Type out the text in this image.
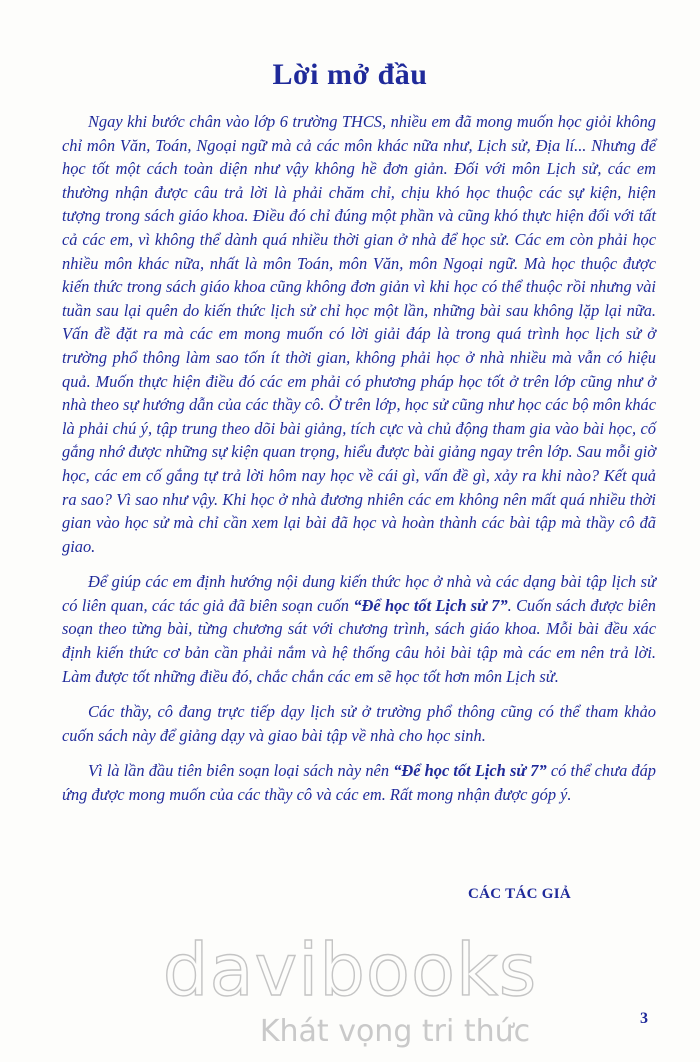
Lời mở đầu

Ngay khi bước chân vào lớp 6 trường THCS, nhiều em đã mong muốn học giỏi không chỉ môn Văn, Toán, Ngoại ngữ mà cả các môn khác nữa như, Lịch sử, Địa lí... Nhưng để học tốt một cách toàn diện như vậy không hề đơn giản. Đối với môn Lịch sử, các em thường nhận được câu trả lời là phải chăm chỉ, chịu khó học thuộc các sự kiện, hiện tượng trong sách giáo khoa. Điều đó chỉ đúng một phần và cũng khó thực hiện đối với tất cả các em, vì không thể dành quá nhiều thời gian ở nhà để học sử. Các em còn phải học nhiều môn khác nữa, nhất là môn Toán, môn Văn, môn Ngoại ngữ. Mà học thuộc được kiến thức trong sách giáo khoa cũng không đơn giản vì khi học có thể thuộc rồi nhưng vài tuần sau lại quên do kiến thức lịch sử chỉ học một lần, những bài sau không lặp lại nữa. Vấn đề đặt ra mà các em mong muốn có lời giải đáp là trong quá trình học lịch sử ở trường phổ thông làm sao tốn ít thời gian, không phải học ở nhà nhiều mà vẫn có hiệu quả. Muốn thực hiện điều đó các em phải có phương pháp học tốt ở trên lớp cũng như ở nhà theo sự hướng dẫn của các thầy cô. Ở trên lớp, học sử cũng như học các bộ môn khác là phải chú ý, tập trung theo dõi bài giảng, tích cực và chủ động tham gia vào bài học, cố gắng nhớ được những sự kiện quan trọng, hiểu được bài giảng ngay trên lớp. Sau mỗi giờ học, các em cố gắng tự trả lời hôm nay học về cái gì, vấn đề gì, xảy ra khi nào? Kết quả ra sao? Vì sao như vậy. Khi học ở nhà đương nhiên các em không nên mất quá nhiều thời gian vào học sử mà chỉ cần xem lại bài đã học và hoàn thành các bài tập mà thầy cô đã giao.

Để giúp các em định hướng nội dung kiến thức học ở nhà và các dạng bài tập lịch sử có liên quan, các tác giả đã biên soạn cuốn “Để học tốt Lịch sử 7”. Cuốn sách được biên soạn theo từng bài, từng chương sát với chương trình, sách giáo khoa. Mỗi bài đều xác định kiến thức cơ bản cần phải nắm và hệ thống câu hỏi bài tập mà các em nên trả lời. Làm được tốt những điều đó, chắc chắn các em sẽ học tốt hơn môn Lịch sử.

Các thầy, cô đang trực tiếp dạy lịch sử ở trường phổ thông cũng có thể tham khảo cuốn sách này để giảng dạy và giao bài tập về nhà cho học sinh.

Vì là lần đầu tiên biên soạn loại sách này nên “Để học tốt Lịch sử 7” có thể chưa đáp ứng được mong muốn của các thầy cô và các em. Rất mong nhận được góp ý.

CÁC TÁC GIẢ
davibooks
Khát vọng tri thức	3
